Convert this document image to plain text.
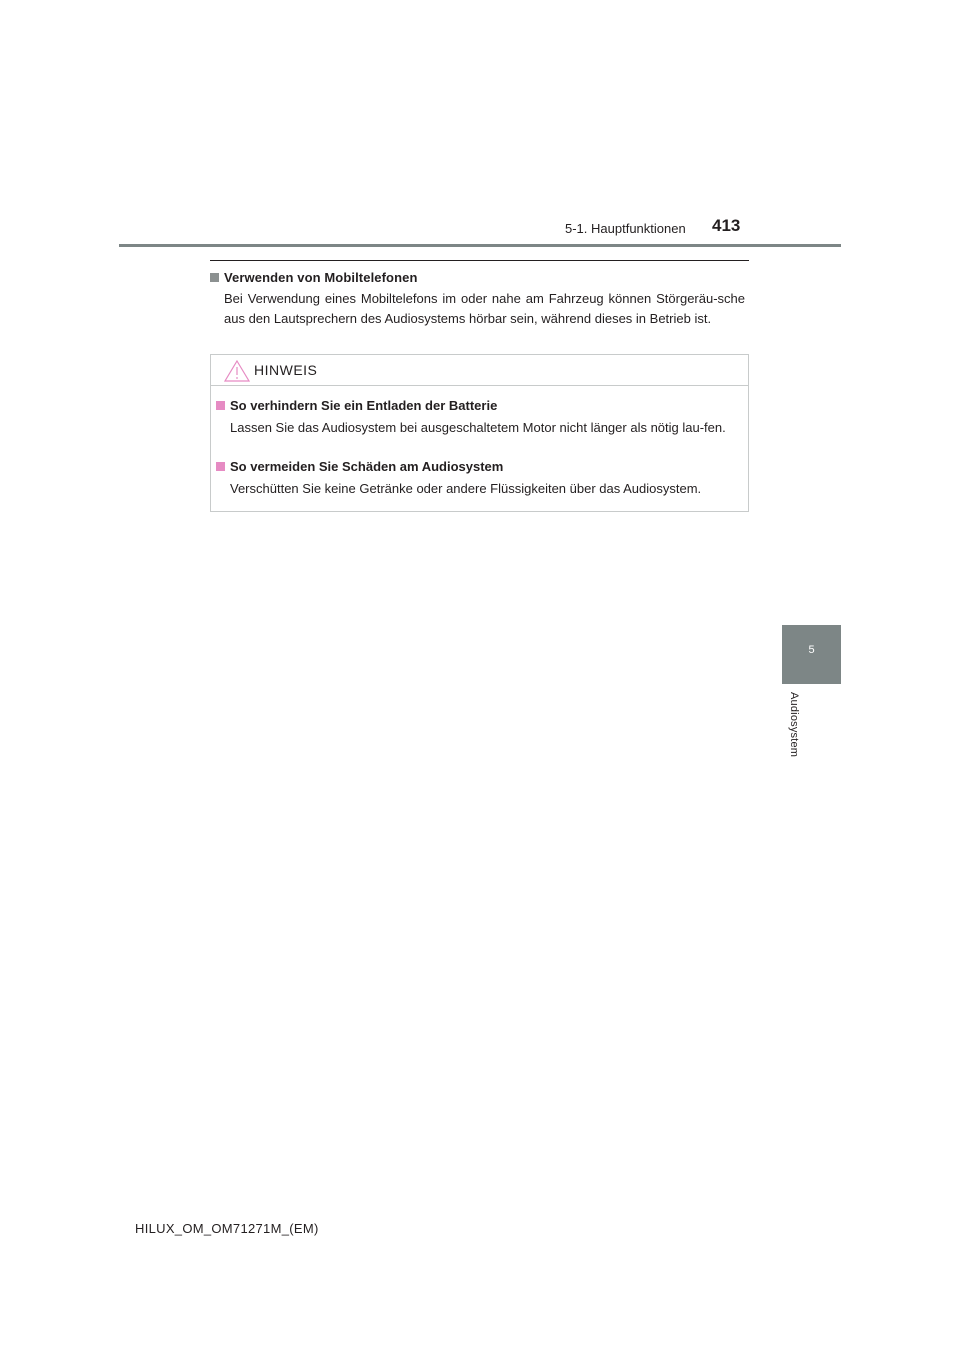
5-1. Hauptfunktionen 413
Verwenden von Mobiltelefonen
Bei Verwendung eines Mobiltelefons im oder nahe am Fahrzeug können Störgeräu-sche aus den Lautsprechern des Audiosystems hörbar sein, während dieses in Betrieb ist.
HINWEIS
So verhindern Sie ein Entladen der Batterie
Lassen Sie das Audiosystem bei ausgeschaltetem Motor nicht länger als nötig lau-fen.
So vermeiden Sie Schäden am Audiosystem
Verschütten Sie keine Getränke oder andere Flüssigkeiten über das Audiosystem.
5
Audiosystem
HILUX_OM_OM71271M_(EM)
